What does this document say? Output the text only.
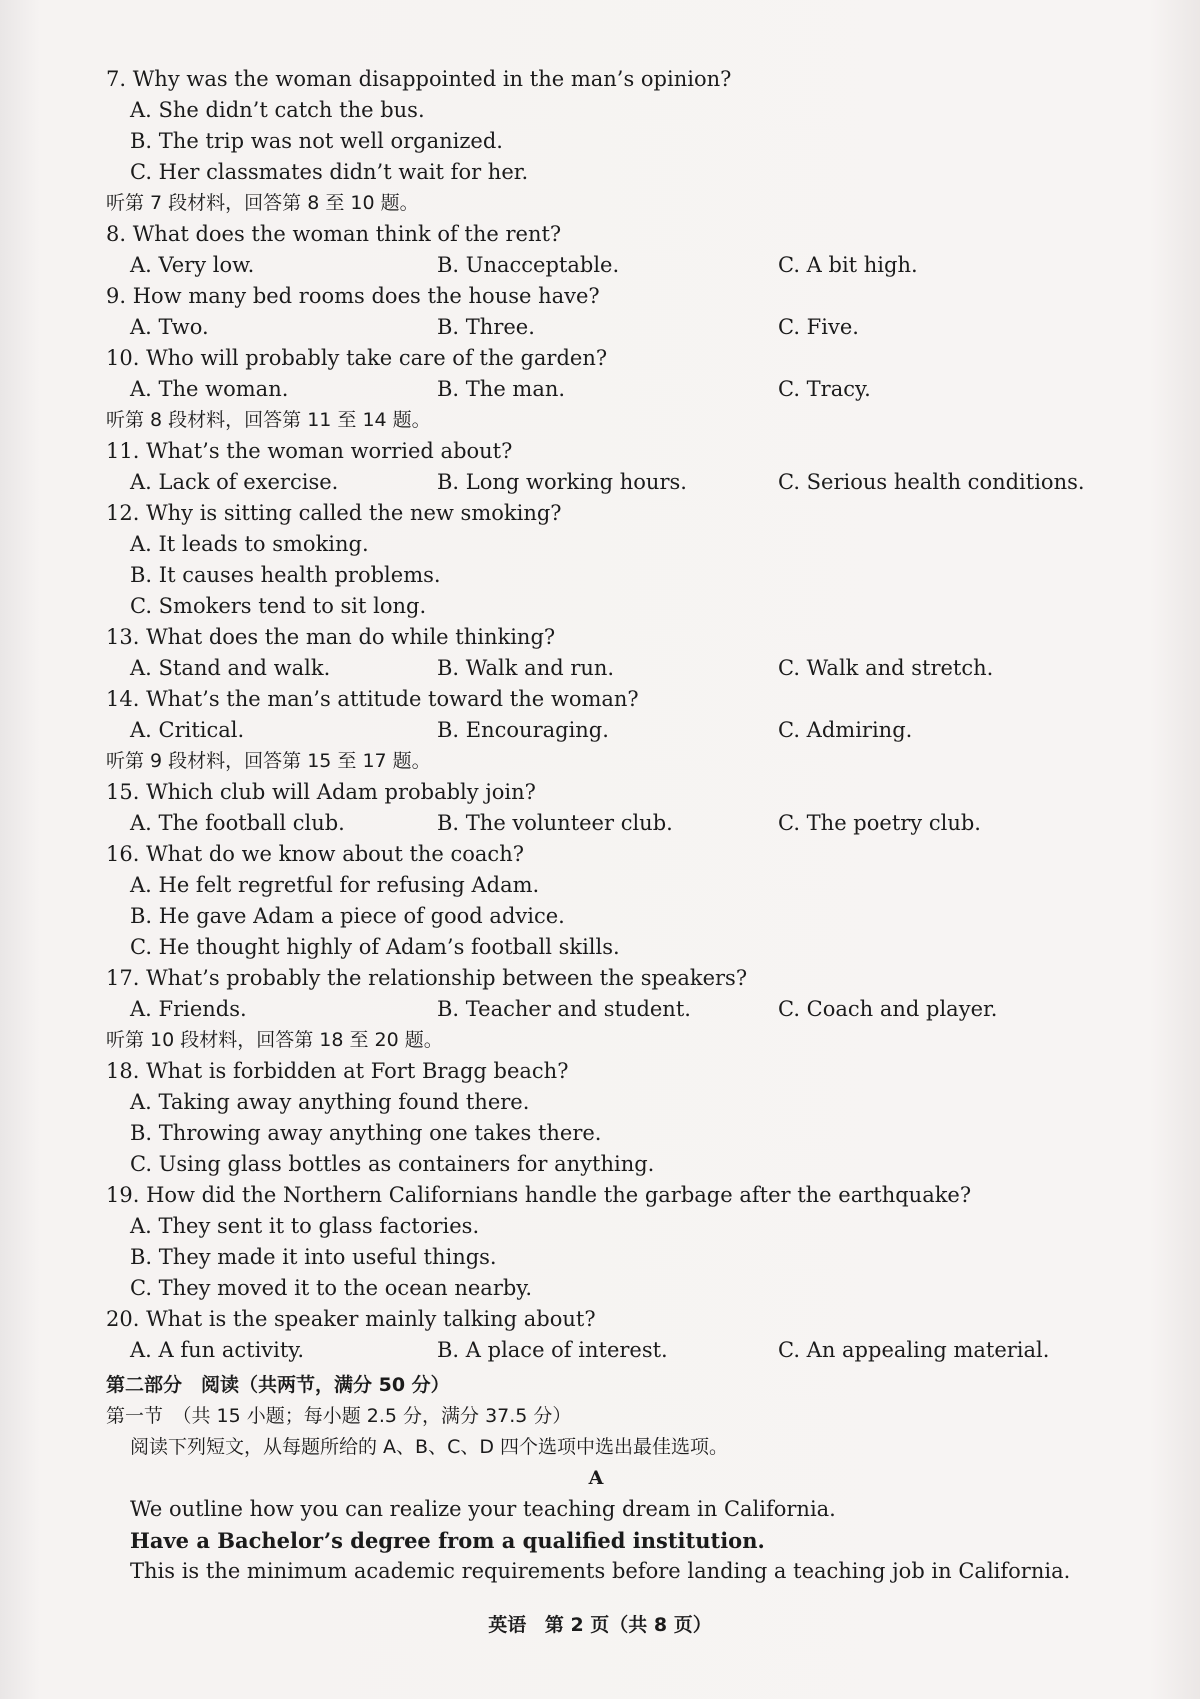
7. Why was the woman disappointed in the man’s opinion?

A. She didn’t catch the bus.

B. The trip was not well organized.

C. Her classmates didn’t wait for her.

听第 7 段材料，回答第 8 至 10 题。

8. What does the woman think of the rent?

A. Very low.	B. Unacceptable.	C. A bit high.

9. How many bed rooms does the house have?

A. Two.	B. Three.	C. Five.

10. Who will probably take care of the garden?

A. The woman.	B. The man.	C. Tracy.

听第 8 段材料，回答第 11 至 14 题。

11. What’s the woman worried about?

A. Lack of exercise.	B. Long working hours.	C. Serious health conditions.

12. Why is sitting called the new smoking?

A. It leads to smoking.

B. It causes health problems.

C. Smokers tend to sit long.

13. What does the man do while thinking?

A. Stand and walk.	B. Walk and run.	C. Walk and stretch.

14. What’s the man’s attitude toward the woman?

A. Critical.	B. Encouraging.	C. Admiring.

听第 9 段材料，回答第 15 至 17 题。

15. Which club will Adam probably join?

A. The football club.	B. The volunteer club.	C. The poetry club.

16. What do we know about the coach?

A. He felt regretful for refusing Adam.

B. He gave Adam a piece of good advice.

C. He thought highly of Adam’s football skills.

17. What’s probably the relationship between the speakers?

A. Friends.	B. Teacher and student.	C. Coach and player.

听第 10 段材料，回答第 18 至 20 题。

18. What is forbidden at Fort Bragg beach?

A. Taking away anything found there.

B. Throwing away anything one takes there.

C. Using glass bottles as containers for anything.

19. How did the Northern Californians handle the garbage after the earthquake?

A. They sent it to glass factories.

B. They made it into useful things.

C. They moved it to the ocean nearby.

20. What is the speaker mainly talking about?

A. A fun activity.	B. A place of interest.	C. An appealing material.

第二部分　阅读（共两节，满分 50 分）

第一节　（共 15 小题；每小题 2.5 分，满分 37.5 分）

阅读下列短文，从每题所给的 A、B、C、D 四个选项中选出最佳选项。

A

We outline how you can realize your teaching dream in California.

Have a Bachelor’s degree from a qualified institution.

This is the minimum academic requirements before landing a teaching job in California.

英语 第 2 页（共 8 页）
